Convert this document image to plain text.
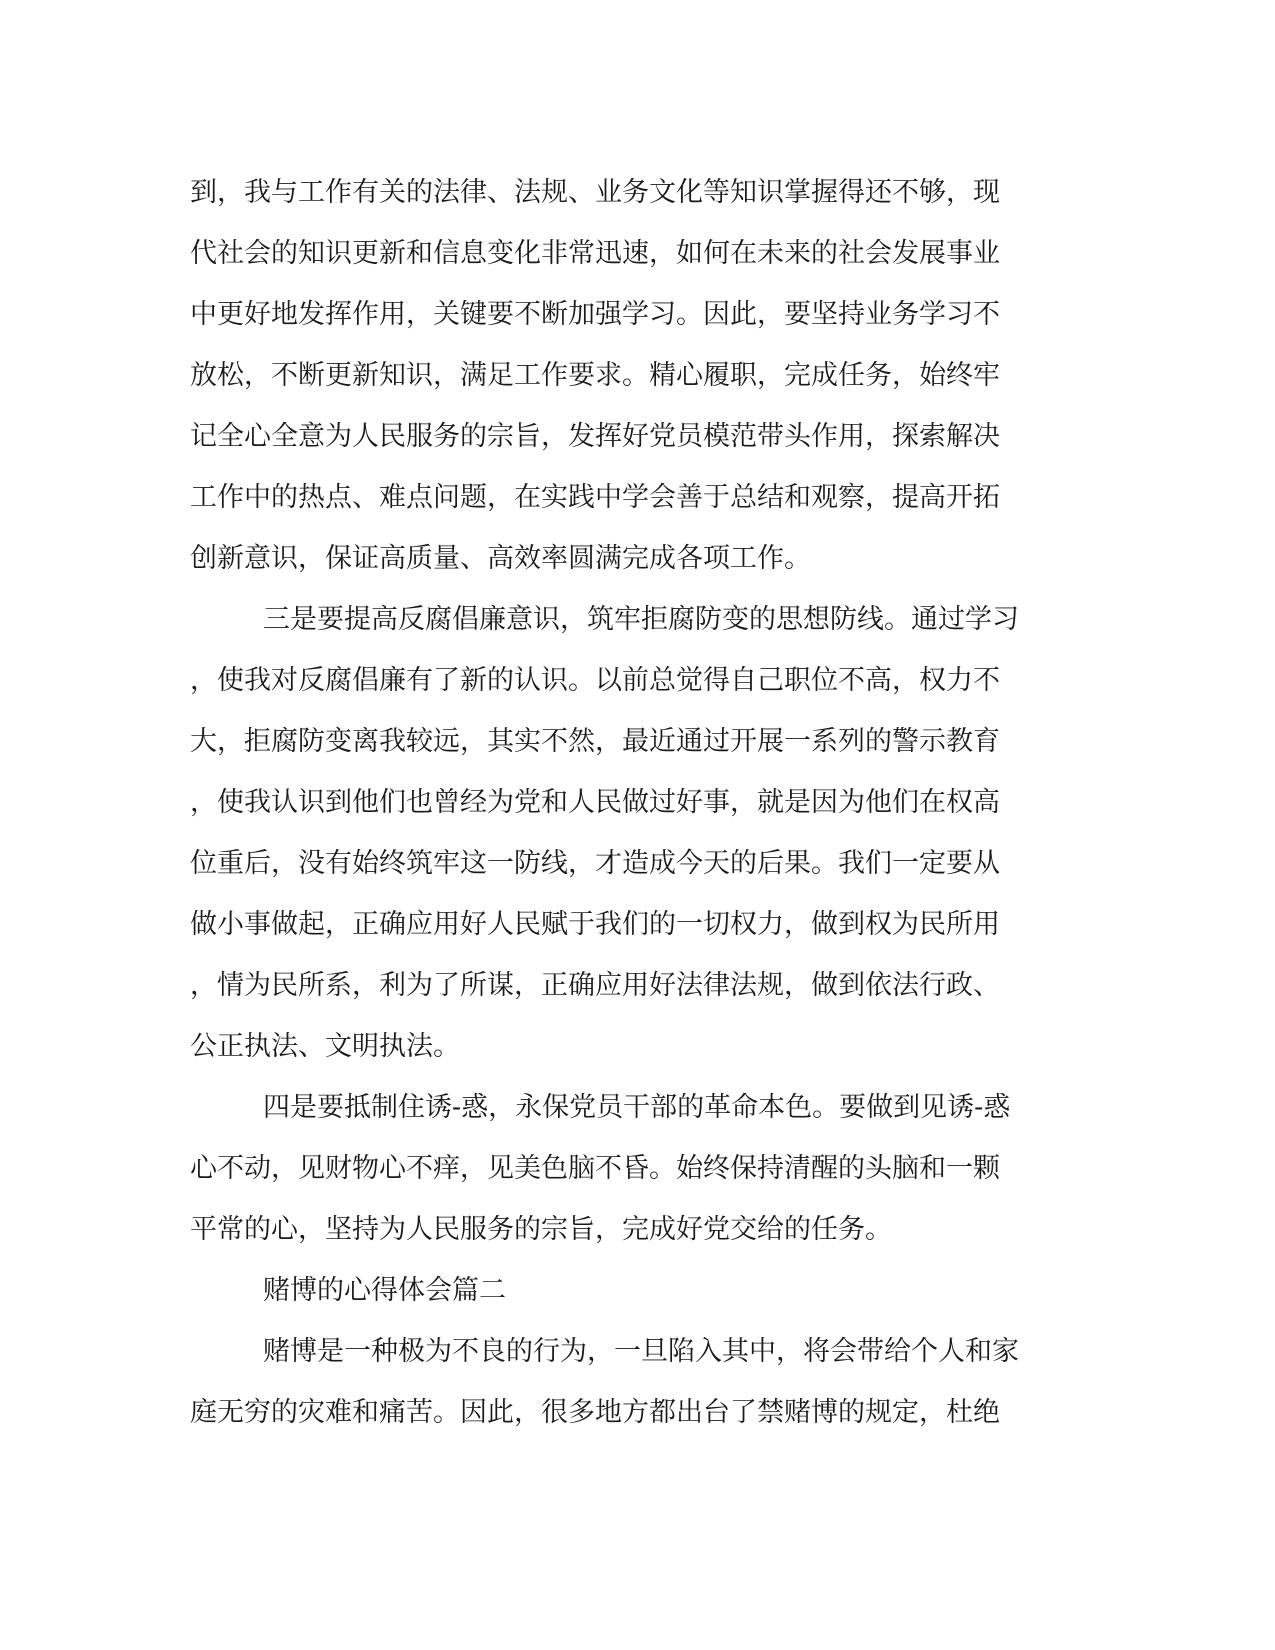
到，我与工作有关的法律、法规、业务文化等知识掌握得还不够，现
代社会的知识更新和信息变化非常迅速，如何在未来的社会发展事业
中更好地发挥作用，关键要不断加强学习。因此，要坚持业务学习不
放松，不断更新知识，满足工作要求。精心履职，完成任务，始终牢
记全心全意为人民服务的宗旨，发挥好党员模范带头作用，探索解决
工作中的热点、难点问题，在实践中学会善于总结和观察，提高开拓
创新意识，保证高质量、高效率圆满完成各项工作。
三是要提高反腐倡廉意识，筑牢拒腐防变的思想防线。通过学习
，使我对反腐倡廉有了新的认识。以前总觉得自己职位不高，权力不
大，拒腐防变离我较远，其实不然，最近通过开展一系列的警示教育
，使我认识到他们也曾经为党和人民做过好事，就是因为他们在权高
位重后，没有始终筑牢这一防线，才造成今天的后果。我们一定要从
做小事做起，正确应用好人民赋于我们的一切权力，做到权为民所用
，情为民所系，利为了所谋，正确应用好法律法规，做到依法行政、
公正执法、文明执法。
四是要抵制住诱-惑，永保党员干部的革命本色。要做到见诱-惑
心不动，见财物心不痒，见美色脑不昏。始终保持清醒的头脑和一颗
平常的心，坚持为人民服务的宗旨，完成好党交给的任务。
赌博的心得体会篇二
赌博是一种极为不良的行为，一旦陷入其中，将会带给个人和家
庭无穷的灾难和痛苦。因此，很多地方都出台了禁赌博的规定，杜绝
